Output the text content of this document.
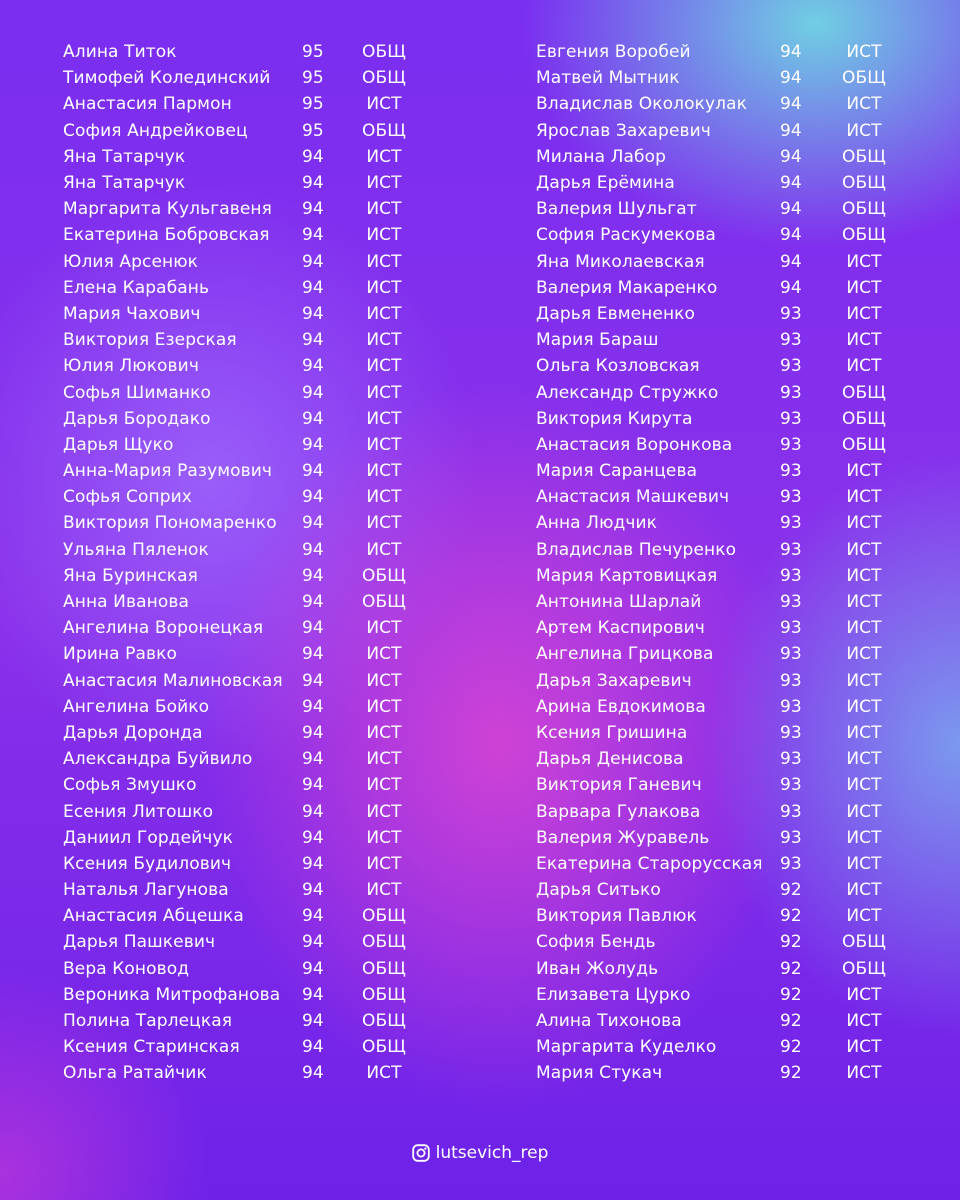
Алина Титок	95	ОБЩ
Тимофей Колединский	95	ОБЩ
Анастасия Пармон	95	ИСТ
София Андрейковец	95	ОБЩ
Яна Татарчук	94	ИСТ
Яна Татарчук	94	ИСТ
Маргарита Кульгавеня	94	ИСТ
Екатерина Бобровская	94	ИСТ
Юлия Арсенюк	94	ИСТ
Елена Карабань	94	ИСТ
Мария Чахович	94	ИСТ
Виктория Езерская	94	ИСТ
Юлия Люкович	94	ИСТ
Софья Шиманко	94	ИСТ
Дарья Бородако	94	ИСТ
Дарья Щуко	94	ИСТ
Анна-Мария Разумович	94	ИСТ
Софья Соприх	94	ИСТ
Виктория Пономаренко	94	ИСТ
Ульяна Пяленок	94	ИСТ
Яна Буринская	94	ОБЩ
Анна Иванова	94	ОБЩ
Ангелина Воронецкая	94	ИСТ
Ирина Равко	94	ИСТ
Анастасия Малиновская	94	ИСТ
Ангелина Бойко	94	ИСТ
Дарья Доронда	94	ИСТ
Александра Буйвило	94	ИСТ
Софья Змушко	94	ИСТ
Есения Литошко	94	ИСТ
Даниил Гордейчук	94	ИСТ
Ксения Будилович	94	ИСТ
Наталья Лагунова	94	ИСТ
Анастасия Абцешка	94	ОБЩ
Дарья Пашкевич	94	ОБЩ
Вера Коновод	94	ОБЩ
Вероника Митрофанова	94	ОБЩ
Полина Тарлецкая	94	ОБЩ
Ксения Старинская	94	ОБЩ
Ольга Ратайчик	94	ИСТ
Евгения Воробей	94	ИСТ
Матвей Мытник	94	ОБЩ
Владислав Околокулак	94	ИСТ
Ярослав Захаревич	94	ИСТ
Милана Лабор	94	ОБЩ
Дарья Ерёмина	94	ОБЩ
Валерия Шульгат	94	ОБЩ
София Раскумекова	94	ОБЩ
Яна Миколаевская	94	ИСТ
Валерия Макаренко	94	ИСТ
Дарья Евмененко	93	ИСТ
Мария Бараш	93	ИСТ
Ольга Козловская	93	ИСТ
Александр Стружко	93	ОБЩ
Виктория Кирута	93	ОБЩ
Анастасия Воронкова	93	ОБЩ
Мария Саранцева	93	ИСТ
Анастасия Машкевич	93	ИСТ
Анна Людчик	93	ИСТ
Владислав Печуренко	93	ИСТ
Мария Картовицкая	93	ИСТ
Антонина Шарлай	93	ИСТ
Артем Каспирович	93	ИСТ
Ангелина Грицкова	93	ИСТ
Дарья Захаревич	93	ИСТ
Арина Евдокимова	93	ИСТ
Ксения Гришина	93	ИСТ
Дарья Денисова	93	ИСТ
Виктория Ганевич	93	ИСТ
Варвара Гулакова	93	ИСТ
Валерия Журавель	93	ИСТ
Екатерина Старорусская	93	ИСТ
Дарья Ситько	92	ИСТ
Виктория Павлюк	92	ИСТ
София Бендь	92	ОБЩ
Иван Жолудь	92	ОБЩ
Елизавета Цурко	92	ИСТ
Алина Тихонова	92	ИСТ
Маргарита Куделко	92	ИСТ
Мария Стукач	92	ИСТ
lutsevich_rep
